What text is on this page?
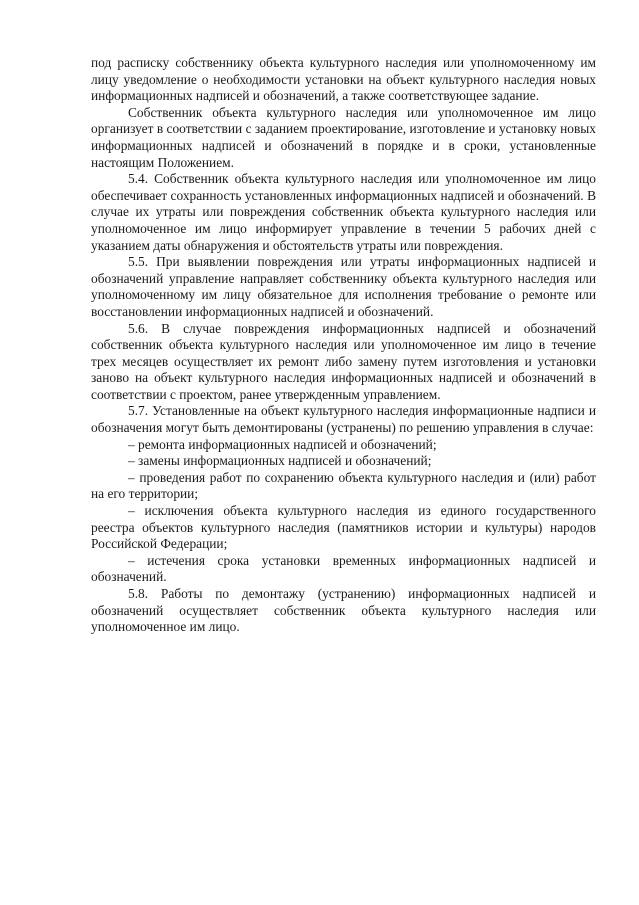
под расписку собственнику объекта культурного наследия или уполномоченному им лицу уведомление о необходимости установки на объект культурного наследия новых информационных надписей и обозначений, а также соответствующее задание.

Собственник объекта культурного наследия или уполномоченное им лицо организует в соответствии с заданием проектирование, изготовление и установку новых информационных надписей и обозначений в порядке и в сроки, установленные настоящим Положением.

5.4. Собственник объекта культурного наследия или уполномоченное им лицо обеспечивает сохранность установленных информационных надписей и обозначений. В случае их утраты или повреждения собственник объекта культурного наследия или уполномоченное им лицо информирует управление в течении 5 рабочих дней с указанием даты обнаружения и обстоятельств утраты или повреждения.

5.5. При выявлении повреждения или утраты информационных надписей и обозначений управление направляет собственнику объекта культурного наследия или уполномоченному им лицу обязательное для исполнения требование о ремонте или восстановлении информационных надписей и обозначений.

5.6. В случае повреждения информационных надписей и обозначений собственник объекта культурного наследия или уполномоченное им лицо в течение трех месяцев осуществляет их ремонт либо замену путем изготовления и установки заново на объект культурного наследия информационных надписей и обозначений в соответствии с проектом, ранее утвержденным управлением.

5.7. Установленные на объект культурного наследия информационные надписи и обозначения могут быть демонтированы (устранены) по решению управления в случае:

– ремонта информационных надписей и обозначений;

– замены информационных надписей и обозначений;

– проведения работ по сохранению объекта культурного наследия и (или) работ на его территории;

– исключения объекта культурного наследия из единого государственного реестра объектов культурного наследия (памятников истории и культуры) народов Российской Федерации;

– истечения срока установки временных информационных надписей и обозначений.

5.8. Работы по демонтажу (устранению) информационных надписей и обозначений осуществляет собственник объекта культурного наследия или уполномоченное им лицо.
